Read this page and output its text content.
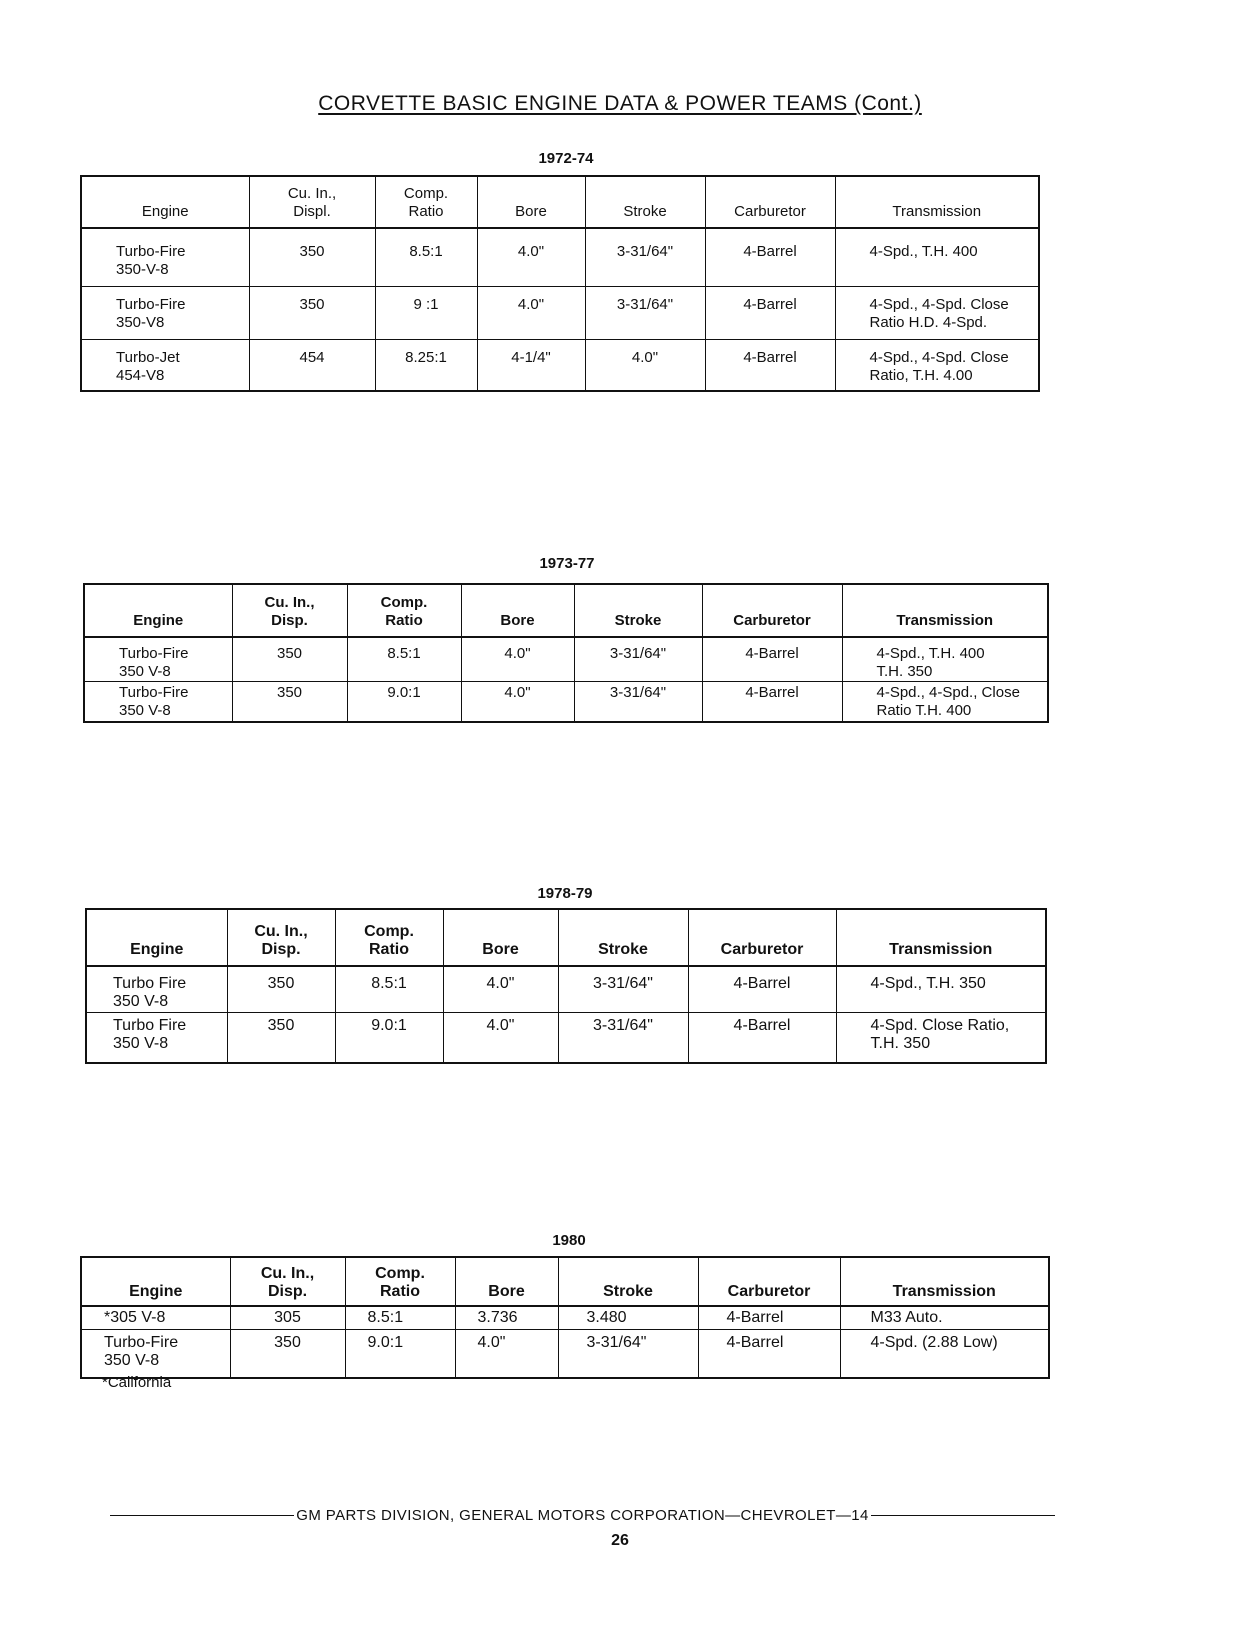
CORVETTE BASIC ENGINE DATA & POWER TEAMS (Cont.)
1972-74
Engine	Cu. In., Displ.	Comp. Ratio	Bore	Stroke	Carburetor	Transmission

Turbo-Fire
350-V-8	350	8.5:1	4.0"	3-31/64"	4-Barrel	4-Spd., T.H. 400

Turbo-Fire
350-V8	350	9 :1	4.0"	3-31/64"	4-Barrel	4-Spd., 4-Spd. Close
Ratio H.D. 4-Spd.

Turbo-Jet
454-V8	454	8.25:1	4-1/4"	4.0"	4-Barrel	4-Spd., 4-Spd. Close
Ratio, T.H. 4.00
1973-77
Engine	Cu. In., Disp.	Comp. Ratio	Bore	Stroke	Carburetor	Transmission

Turbo-Fire
350 V-8	350	8.5:1	4.0"	3-31/64"	4-Barrel	4-Spd., T.H. 400
T.H. 350

Turbo-Fire
350 V-8	350	9.0:1	4.0"	3-31/64"	4-Barrel	4-Spd., 4-Spd., Close
Ratio T.H. 400
1978-79
Engine	Cu. In., Disp.	Comp. Ratio	Bore	Stroke	Carburetor	Transmission

Turbo Fire
350 V-8	350	8.5:1	4.0"	3-31/64"	4-Barrel	4-Spd., T.H. 350

Turbo Fire
350 V-8	350	9.0:1	4.0"	3-31/64"	4-Barrel	4-Spd. Close Ratio,
T.H. 350
1980
Engine	Cu. In., Disp.	Comp. Ratio	Bore	Stroke	Carburetor	Transmission

*305 V-8	305	8.5:1	3.736	3.480	4-Barrel	M33 Auto.

Turbo-Fire
350 V-8	350	9.0:1	4.0"	3-31/64"	4-Barrel	4-Spd. (2.88 Low)
*California
GM PARTS DIVISION, GENERAL MOTORS CORPORATION—CHEVROLET—14
26
